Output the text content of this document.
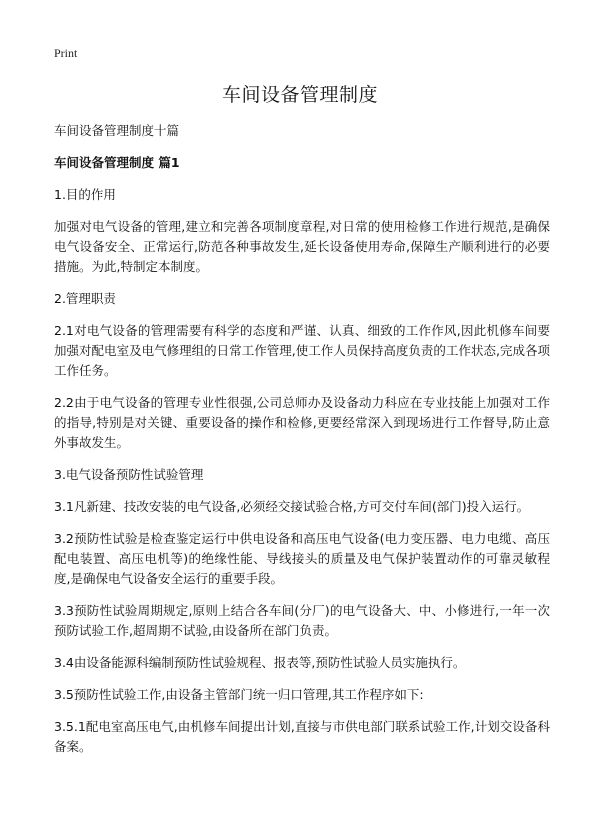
Print
车间设备管理制度

车间设备管理制度十篇

车间设备管理制度 篇1

1.目的作用

加强对电气设备的管理,建立和完善各项制度章程,对日常的使用检修工作进行规范,是确保电气设备安全、正常运行,防范各种事故发生,延长设备使用寿命,保障生产顺利进行的必要措施。为此,特制定本制度。

2.管理职责

2.1对电气设备的管理需要有科学的态度和严谨、认真、细致的工作作风,因此机修车间要加强对配电室及电气修理组的日常工作管理,使工作人员保持高度负责的工作状态,完成各项工作任务。

2.2由于电气设备的管理专业性很强,公司总师办及设备动力科应在专业技能上加强对工作的指导,特别是对关键、重要设备的操作和检修,更要经常深入到现场进行工作督导,防止意外事故发生。

3.电气设备预防性试验管理

3.1凡新建、技改安装的电气设备,必须经交接试验合格,方可交付车间(部门)投入运行。

3.2预防性试验是检查鉴定运行中供电设备和高压电气设备(电力变压器、电力电缆、高压配电装置、高压电机等)的绝缘性能、导线接头的质量及电气保护装置动作的可靠灵敏程度,是确保电气设备安全运行的重要手段。

3.3预防性试验周期规定,原则上结合各车间(分厂)的电气设备大、中、小修进行,一年一次预防试验工作,超周期不试验,由设备所在部门负责。

3.4由设备能源科编制预防性试验规程、报表等,预防性试验人员实施执行。

3.5预防性试验工作,由设备主管部门统一归口管理,其工作程序如下:

3.5.1配电室高压电气,由机修车间提出计划,直接与市供电部门联系试验工作,计划交设备科备案。
